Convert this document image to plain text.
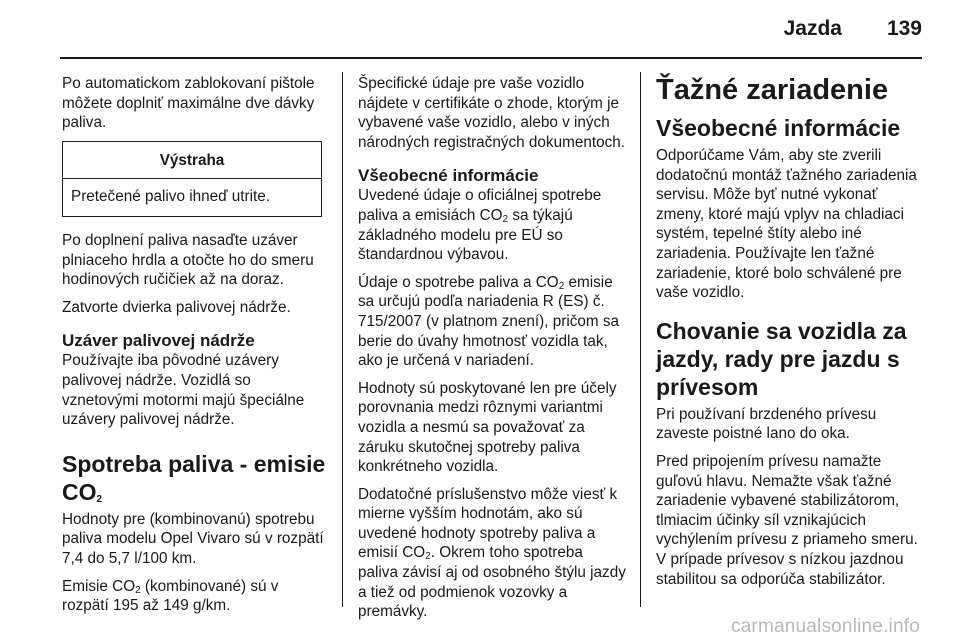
Jazda 139

Po automatickom zablokovaní pištole môžete doplniť maximálne dve dávky paliva.

Výstraha
Pretečené palivo ihneď utrite.

Po doplnení paliva nasaďte uzáver plniaceho hrdla a otočte ho do smeru hodinových ručičiek až na doraz.

Zatvorte dvierka palivovej nádrže.

Uzáver palivovej nádrže

Používajte iba pôvodné uzávery palivovej nádrže. Vozidlá so vznetovými motormi majú špeciálne uzávery palivovej nádrže.

Spotreba paliva - emisie $CO_2$

Hodnoty pre (kombinovanú) spotrebu paliva modelu Opel Vivaro sú v rozpätí 7,4 do 5,7 l/100 km.

Emisie $CO_2$ (kombinované) sú v rozpätí 195 až 149 g/km.

Špecifické údaje pre vaše vozidlo nájdete v certifikáte o zhode, ktorým je vybavené vaše vozidlo, alebo v iných národných registračných dokumentoch.

Všeobecné informácie

Uvedené údaje o oficiálnej spotrebe paliva a emisiách $CO_2$ sa týkajú základného modelu pre EÚ so štandardnou výbavou.

Údaje o spotrebe paliva a $CO_2$ emisie sa určujú podľa nariadenia R (ES) č. 715/2007 (v platnom znení), pričom sa berie do úvahy hmotnosť vozidla tak, ako je určená v nariadení.

Hodnoty sú poskytované len pre účely porovnania medzi rôznymi variantmi vozidla a nesmú sa považovať za záruku skutočnej spotreby paliva konkrétneho vozidla.

Dodatočné príslušenstvo môže viesť k mierne vyšším hodnotám, ako sú uvedené hodnoty spotreby paliva a emisií $CO_2$. Okrem toho spotreba paliva závisí aj od osobného štýlu jazdy a tiež od podmienok vozovky a premávky.

Ťažné zariadenie
Všeobecné informácie

Odporúčame Vám, aby ste zverili dodatočnú montáž ťažného zariadenia servisu. Môže byť nutné vykonať zmeny, ktoré majú vplyv na chladiaci systém, tepelné štíty alebo iné zariadenia. Používajte len ťažné zariadenie, ktoré bolo schválené pre vaše vozidlo.

Chovanie sa vozidla za jazdy, rady pre jazdu s prívesom

Pri používaní brzdeného prívesu zaveste poistné lano do oka.

Pred pripojením prívesu namažte guľovú hlavu. Nemažte však ťažné zariadenie vybavené stabilizátorom, tlmiacim účinky síl vznikajúcich vychýlením prívesu z priameho smeru. V prípade prívesov s nízkou jazdnou stabilitou sa odporúča stabilizátor.

carmanualsonline.info
